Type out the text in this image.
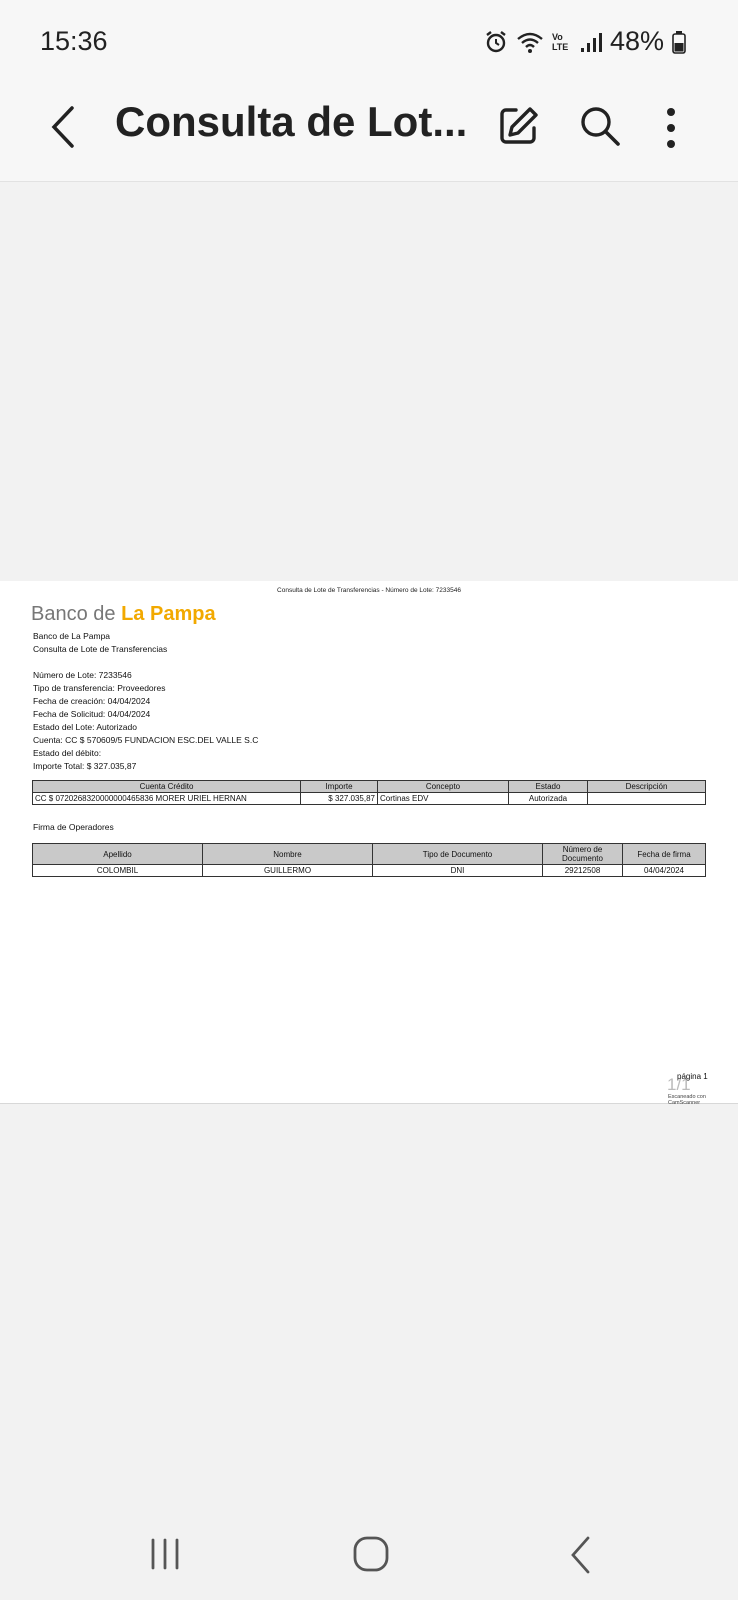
15:36	Vo LTE 48%
Consulta de Lot...
Consulta de Lote de Transferencias - Número de Lote: 7233546
Banco de La Pampa
Banco de La Pampa
Consulta de Lote de Transferencias
Número de Lote: 7233546
Tipo de transferencia: Proveedores
Fecha de creación: 04/04/2024
Fecha de Solicitud: 04/04/2024
Estado del Lote: Autorizado
Cuenta: CC $ 570609/5 FUNDACION ESC.DEL VALLE S.C
Estado del débito:
Importe Total: $ 327.035,87
Cuenta Crédito	Importe	Concepto	Estado	Descripción
CC $ 0720268320000000465836 MORER URIEL HERNAN	$ 327.035,87	Cortinas EDV	Autorizada	
Firma de Operadores
Apellido	Nombre	Tipo de Documento	Número de Documento	Fecha de firma
COLOMBIL	GUILLERMO	DNI	29212508	04/04/2024
1/1
página 1
Escaneado con CamScanner
